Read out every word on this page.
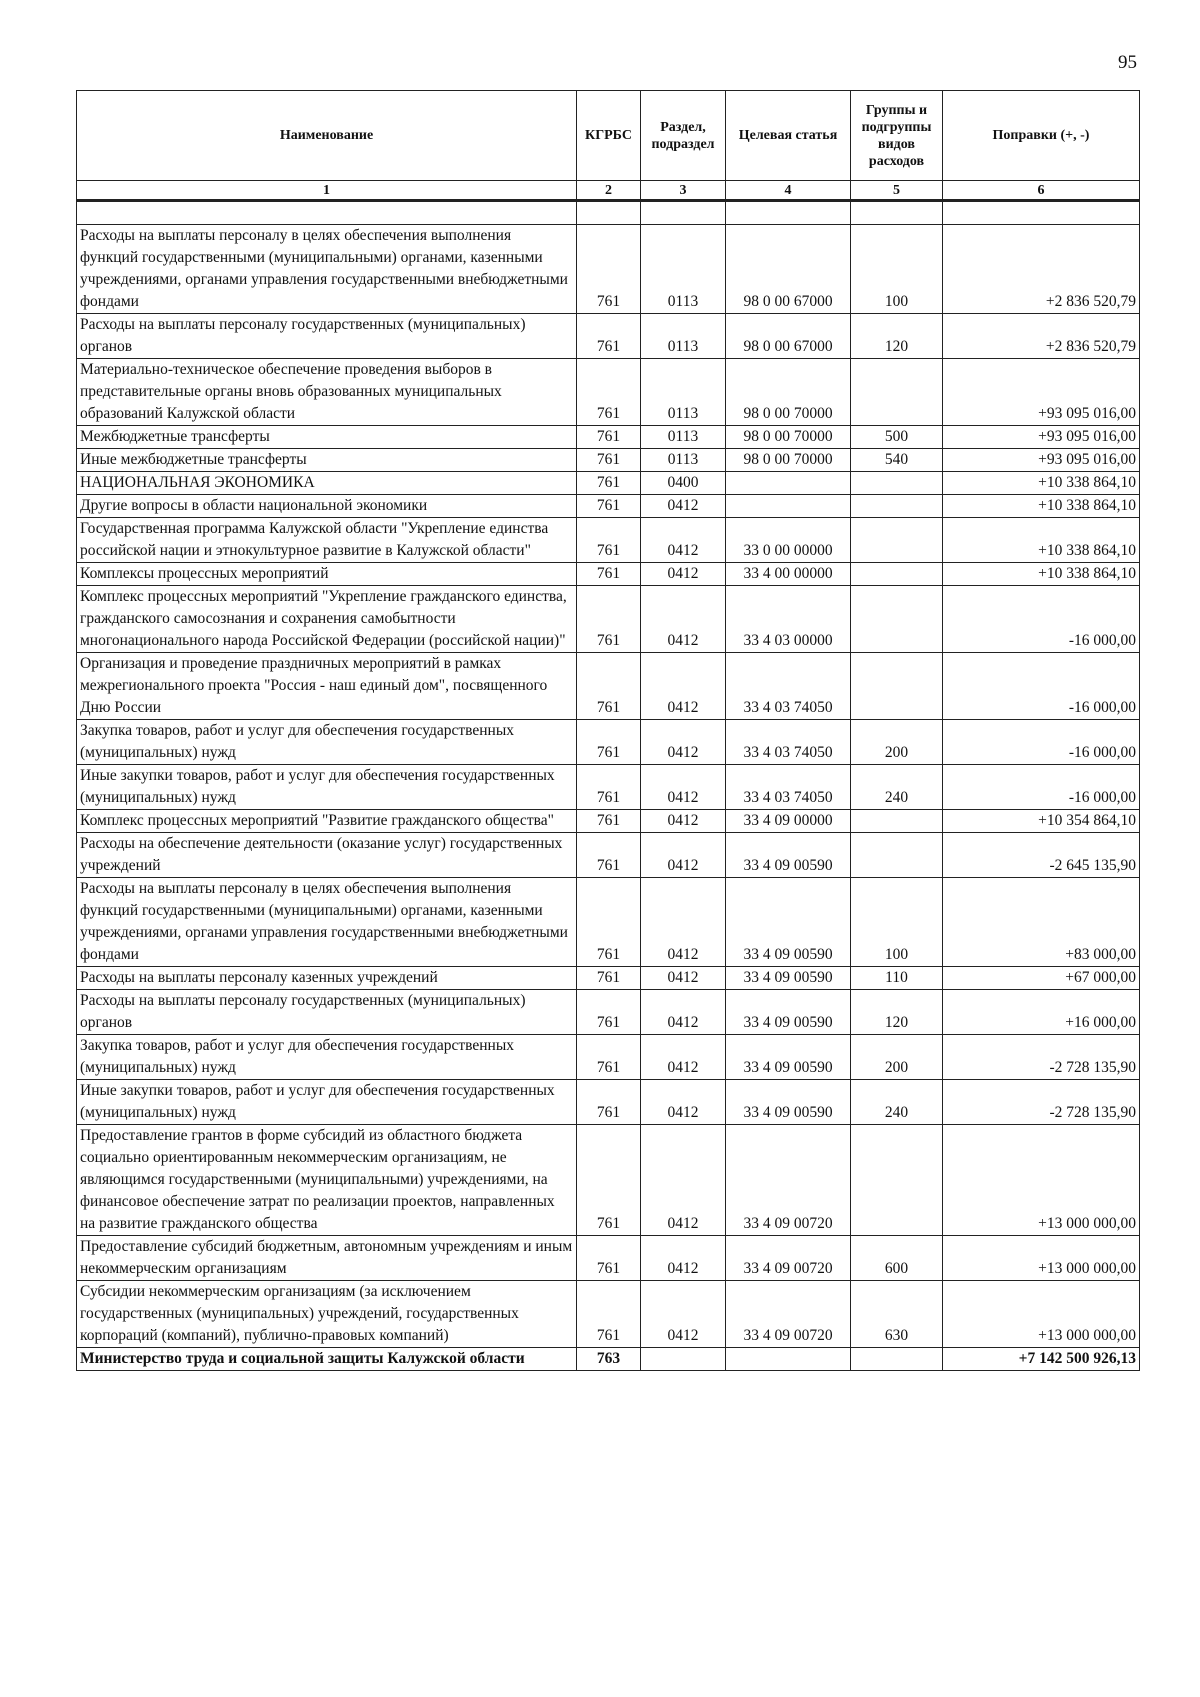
95
Наименование	КГРБС	Раздел, подраздел	Целевая статья	Группы и подгруппы видов расходов	Поправки (+, -)
1	2	3	4	5	6

Расходы на выплаты персоналу в целях обеспечения выполнения функций государственными (муниципальными) органами, казенными учреждениями, органами управления государственными внебюджетными фондами	761	0113	98 0 00 67000	100	+2 836 520,79
Расходы на выплаты персоналу государственных (муниципальных) органов	761	0113	98 0 00 67000	120	+2 836 520,79
Материально-техническое обеспечение проведения выборов в представительные органы вновь образованных муниципальных образований Калужской области	761	0113	98 0 00 70000		+93 095 016,00
Межбюджетные трансферты	761	0113	98 0 00 70000	500	+93 095 016,00
Иные межбюджетные трансферты	761	0113	98 0 00 70000	540	+93 095 016,00
НАЦИОНАЛЬНАЯ ЭКОНОМИКА	761	0400			+10 338 864,10
Другие вопросы в области национальной экономики	761	0412			+10 338 864,10
Государственная программа Калужской области "Укрепление единства российской нации и этнокультурное развитие в Калужской области"	761	0412	33 0 00 00000		+10 338 864,10
Комплексы процессных мероприятий	761	0412	33 4 00 00000		+10 338 864,10
Комплекс процессных мероприятий "Укрепление гражданского единства, гражданского самосознания и сохранения самобытности многонационального народа Российской Федерации (российской нации)"	761	0412	33 4 03 00000		-16 000,00
Организация и проведение праздничных мероприятий в рамках межрегионального проекта "Россия - наш единый дом", посвященного Дню России	761	0412	33 4 03 74050		-16 000,00
Закупка товаров, работ и услуг для обеспечения государственных (муниципальных) нужд	761	0412	33 4 03 74050	200	-16 000,00
Иные закупки товаров, работ и услуг для обеспечения государственных (муниципальных) нужд	761	0412	33 4 03 74050	240	-16 000,00
Комплекс процессных мероприятий "Развитие гражданского общества"	761	0412	33 4 09 00000		+10 354 864,10
Расходы на обеспечение деятельности (оказание услуг) государственных учреждений	761	0412	33 4 09 00590		-2 645 135,90
Расходы на выплаты персоналу в целях обеспечения выполнения функций государственными (муниципальными) органами, казенными учреждениями, органами управления государственными внебюджетными фондами	761	0412	33 4 09 00590	100	+83 000,00
Расходы на выплаты персоналу казенных учреждений	761	0412	33 4 09 00590	110	+67 000,00
Расходы на выплаты персоналу государственных (муниципальных) органов	761	0412	33 4 09 00590	120	+16 000,00
Закупка товаров, работ и услуг для обеспечения государственных (муниципальных) нужд	761	0412	33 4 09 00590	200	-2 728 135,90
Иные закупки товаров, работ и услуг для обеспечения государственных (муниципальных) нужд	761	0412	33 4 09 00590	240	-2 728 135,90
Предоставление грантов в форме субсидий из областного бюджета социально ориентированным некоммерческим организациям, не являющимся государственными (муниципальными) учреждениями, на финансовое обеспечение затрат по реализации проектов, направленных на развитие гражданского общества	761	0412	33 4 09 00720		+13 000 000,00
Предоставление субсидий бюджетным, автономным учреждениям и иным некоммерческим организациям	761	0412	33 4 09 00720	600	+13 000 000,00
Субсидии некоммерческим организациям (за исключением государственных (муниципальных) учреждений, государственных корпораций (компаний), публично-правовых компаний)	761	0412	33 4 09 00720	630	+13 000 000,00
Министерство труда и социальной защиты Калужской области	763				+7 142 500 926,13
